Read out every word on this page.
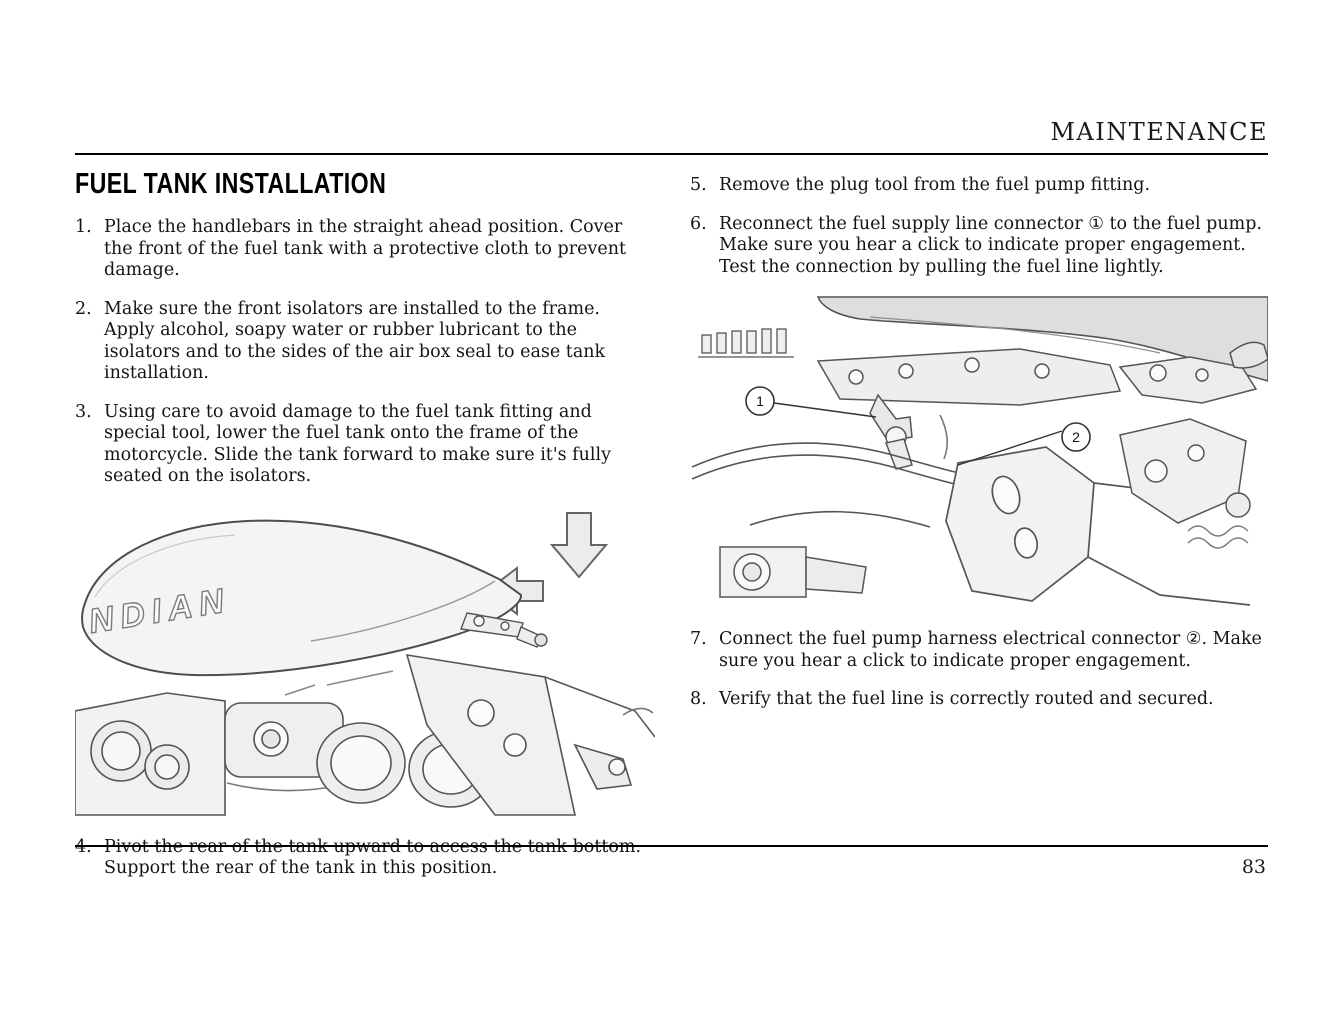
MAINTENANCE
FUEL TANK INSTALLATION
1. Place the handlebars in the straight ahead position. Cover the front of the fuel tank with a protective cloth to prevent damage.
2. Make sure the front isolators are installed to the frame. Apply alcohol, soapy water or rubber lubricant to the isolators and to the sides of the air box seal to ease tank installation.
3. Using care to avoid damage to the fuel tank fitting and special tool, lower the fuel tank onto the frame of the motorcycle. Slide the tank forward to make sure it's fully seated on the isolators.
NDIAN
4. Pivot the rear of the tank upward to access the tank bottom. Support the rear of the tank in this position.
5. Remove the plug tool from the fuel pump fitting.
6. Reconnect the fuel supply line connector ① to the fuel pump. Make sure you hear a click to indicate proper engagement. Test the connection by pulling the fuel line lightly.
1
2
7. Connect the fuel pump harness electrical connector ②. Make sure you hear a click to indicate proper engagement.
8. Verify that the fuel line is correctly routed and secured.
83
